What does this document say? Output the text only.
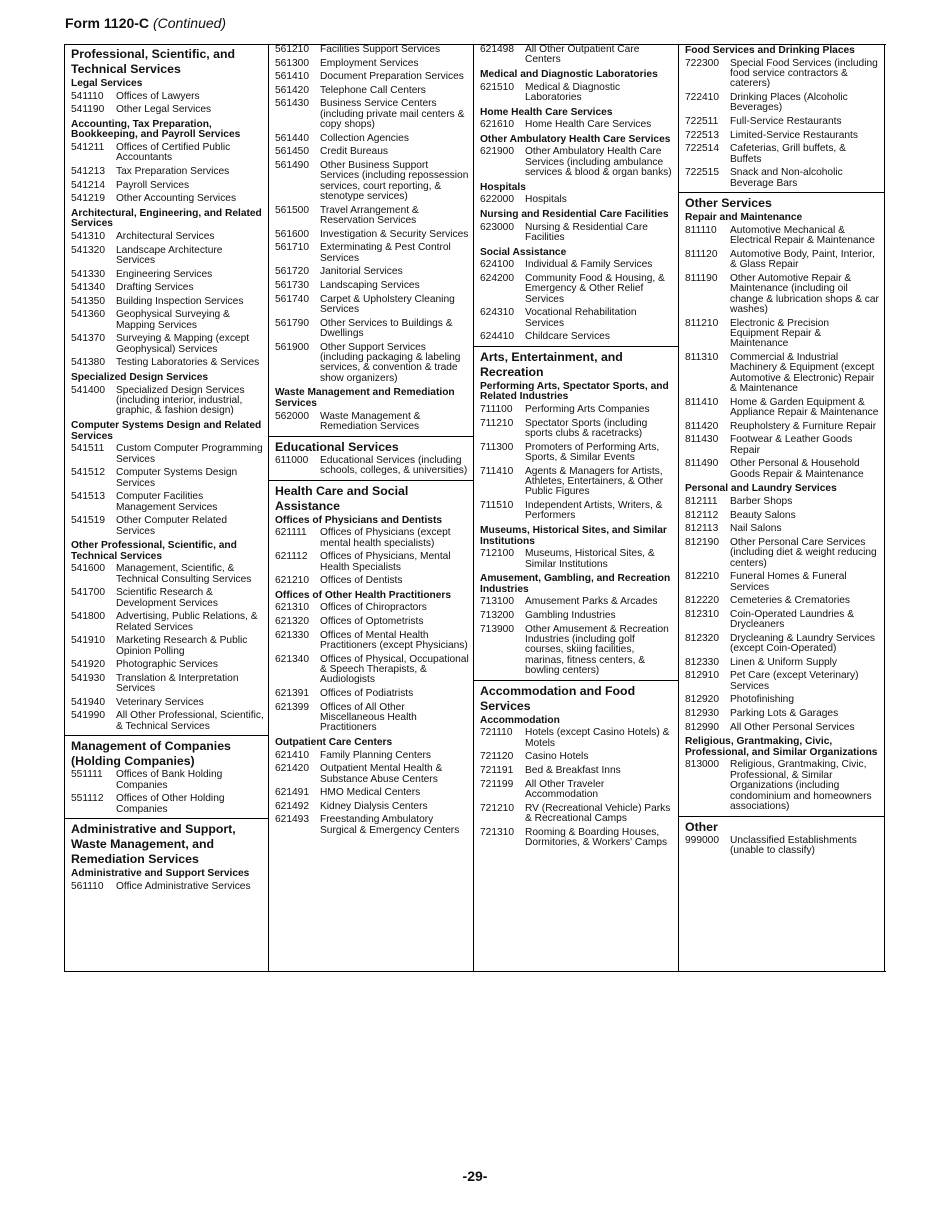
Form 1120-C (Continued)
Professional, Scientific, and Technical Services
Legal Services
541110	Offices of Lawyers
541190	Other Legal Services
Accounting, Tax Preparation, Bookkeeping, and Payroll Services
541211	Offices of Certified Public Accountants
541213	Tax Preparation Services
541214	Payroll Services
541219	Other Accounting Services
Architectural, Engineering, and Related Services
541310	Architectural Services
541320	Landscape Architecture Services
541330	Engineering Services
541340	Drafting Services
541350	Building Inspection Services
541360	Geophysical Surveying & Mapping Services
541370	Surveying & Mapping (except Geophysical) Services
541380	Testing Laboratories & Services
Specialized Design Services
541400	Specialized Design Services (including interior, industrial, graphic, & fashion design)
Computer Systems Design and Related Services
541511	Custom Computer Programming Services
541512	Computer Systems Design Services
541513	Computer Facilities Management Services
541519	Other Computer Related Services
Other Professional, Scientific, and Technical Services
541600	Management, Scientific, & Technical Consulting Services
541700	Scientific Research & Development Services
541800	Advertising, Public Relations, & Related Services
541910	Marketing Research & Public Opinion Polling
541920	Photographic Services
541930	Translation & Interpretation Services
541940	Veterinary Services
541990	All Other Professional, Scientific, & Technical Services
Management of Companies (Holding Companies)
551111	Offices of Bank Holding Companies
551112	Offices of Other Holding Companies
Administrative and Support, Waste Management, and Remediation Services
Administrative and Support Services
561110	Office Administrative Services
561210	Facilities Support Services
561300	Employment Services
561410	Document Preparation Services
561420	Telephone Call Centers
561430	Business Service Centers (including private mail centers & copy shops)
561440	Collection Agencies
561450	Credit Bureaus
561490	Other Business Support Services (including repossession services, court reporting, & stenotype services)
561500	Travel Arrangement & Reservation Services
561600	Investigation & Security Services
561710	Exterminating & Pest Control Services
561720	Janitorial Services
561730	Landscaping Services
561740	Carpet & Upholstery Cleaning Services
561790	Other Services to Buildings & Dwellings
561900	Other Support Services (including packaging & labeling services, & convention & trade show organizers)
Waste Management and Remediation Services
562000	Waste Management & Remediation Services
Educational Services
611000	Educational Services (including schools, colleges, & universities)
Health Care and Social Assistance
Offices of Physicians and Dentists
621111	Offices of Physicians (except mental health specialists)
621112	Offices of Physicians, Mental Health Specialists
621210	Offices of Dentists
Offices of Other Health Practitioners
621310	Offices of Chiropractors
621320	Offices of Optometrists
621330	Offices of Mental Health Practitioners (except Physicians)
621340	Offices of Physical, Occupational & Speech Therapists, & Audiologists
621391	Offices of Podiatrists
621399	Offices of All Other Miscellaneous Health Practitioners
Outpatient Care Centers
621410	Family Planning Centers
621420	Outpatient Mental Health & Substance Abuse Centers
621491	HMO Medical Centers
621492	Kidney Dialysis Centers
621493	Freestanding Ambulatory Surgical & Emergency Centers
621498	All Other Outpatient Care Centers
Medical and Diagnostic Laboratories
621510	Medical & Diagnostic Laboratories
Home Health Care Services
621610	Home Health Care Services
Other Ambulatory Health Care Services
621900	Other Ambulatory Health Care Services (including ambulance services & blood & organ banks)
Hospitals
622000	Hospitals
Nursing and Residential Care Facilities
623000	Nursing & Residential Care Facilities
Social Assistance
624100	Individual & Family Services
624200	Community Food & Housing, & Emergency & Other Relief Services
624310	Vocational Rehabilitation Services
624410	Childcare Services
Arts, Entertainment, and Recreation
Performing Arts, Spectator Sports, and Related Industries
711100	Performing Arts Companies
711210	Spectator Sports (including sports clubs & racetracks)
711300	Promoters of Performing Arts, Sports, & Similar Events
711410	Agents & Managers for Artists, Athletes, Entertainers, & Other Public Figures
711510	Independent Artists, Writers, & Performers
Museums, Historical Sites, and Similar Institutions
712100	Museums, Historical Sites, & Similar Institutions
Amusement, Gambling, and Recreation Industries
713100	Amusement Parks & Arcades
713200	Gambling Industries
713900	Other Amusement & Recreation Industries (including golf courses, skiing facilities, marinas, fitness centers, & bowling centers)
Accommodation and Food Services
Accommodation
721110	Hotels (except Casino Hotels) & Motels
721120	Casino Hotels
721191	Bed & Breakfast Inns
721199	All Other Traveler Accommodation
721210	RV (Recreational Vehicle) Parks & Recreational Camps
721310	Rooming & Boarding Houses, Dormitories, & Workers' Camps
Food Services and Drinking Places
722300	Special Food Services (including food service contractors & caterers)
722410	Drinking Places (Alcoholic Beverages)
722511	Full-Service Restaurants
722513	Limited-Service Restaurants
722514	Cafeterias, Grill buffets, & Buffets
722515	Snack and Non-alcoholic Beverage Bars
Other Services
Repair and Maintenance
811110	Automotive Mechanical & Electrical Repair & Maintenance
811120	Automotive Body, Paint, Interior, & Glass Repair
811190	Other Automotive Repair & Maintenance (including oil change & lubrication shops & car washes)
811210	Electronic & Precision Equipment Repair & Maintenance
811310	Commercial & Industrial Machinery & Equipment (except Automotive & Electronic) Repair & Maintenance
811410	Home & Garden Equipment & Appliance Repair & Maintenance
811420	Reupholstery & Furniture Repair
811430	Footwear & Leather Goods Repair
811490	Other Personal & Household Goods Repair & Maintenance
Personal and Laundry Services
812111	Barber Shops
812112	Beauty Salons
812113	Nail Salons
812190	Other Personal Care Services (including diet & weight reducing centers)
812210	Funeral Homes & Funeral Services
812220	Cemeteries & Crematories
812310	Coin-Operated Laundries & Drycleaners
812320	Drycleaning & Laundry Services (except Coin-Operated)
812330	Linen & Uniform Supply
812910	Pet Care (except Veterinary) Services
812920	Photofinishing
812930	Parking Lots & Garages
812990	All Other Personal Services
Religious, Grantmaking, Civic, Professional, and Similar Organizations
813000	Religious, Grantmaking, Civic, Professional, & Similar Organizations (including condominium and homeowners associations)
Other
999000	Unclassified Establishments (unable to classify)
-29-
